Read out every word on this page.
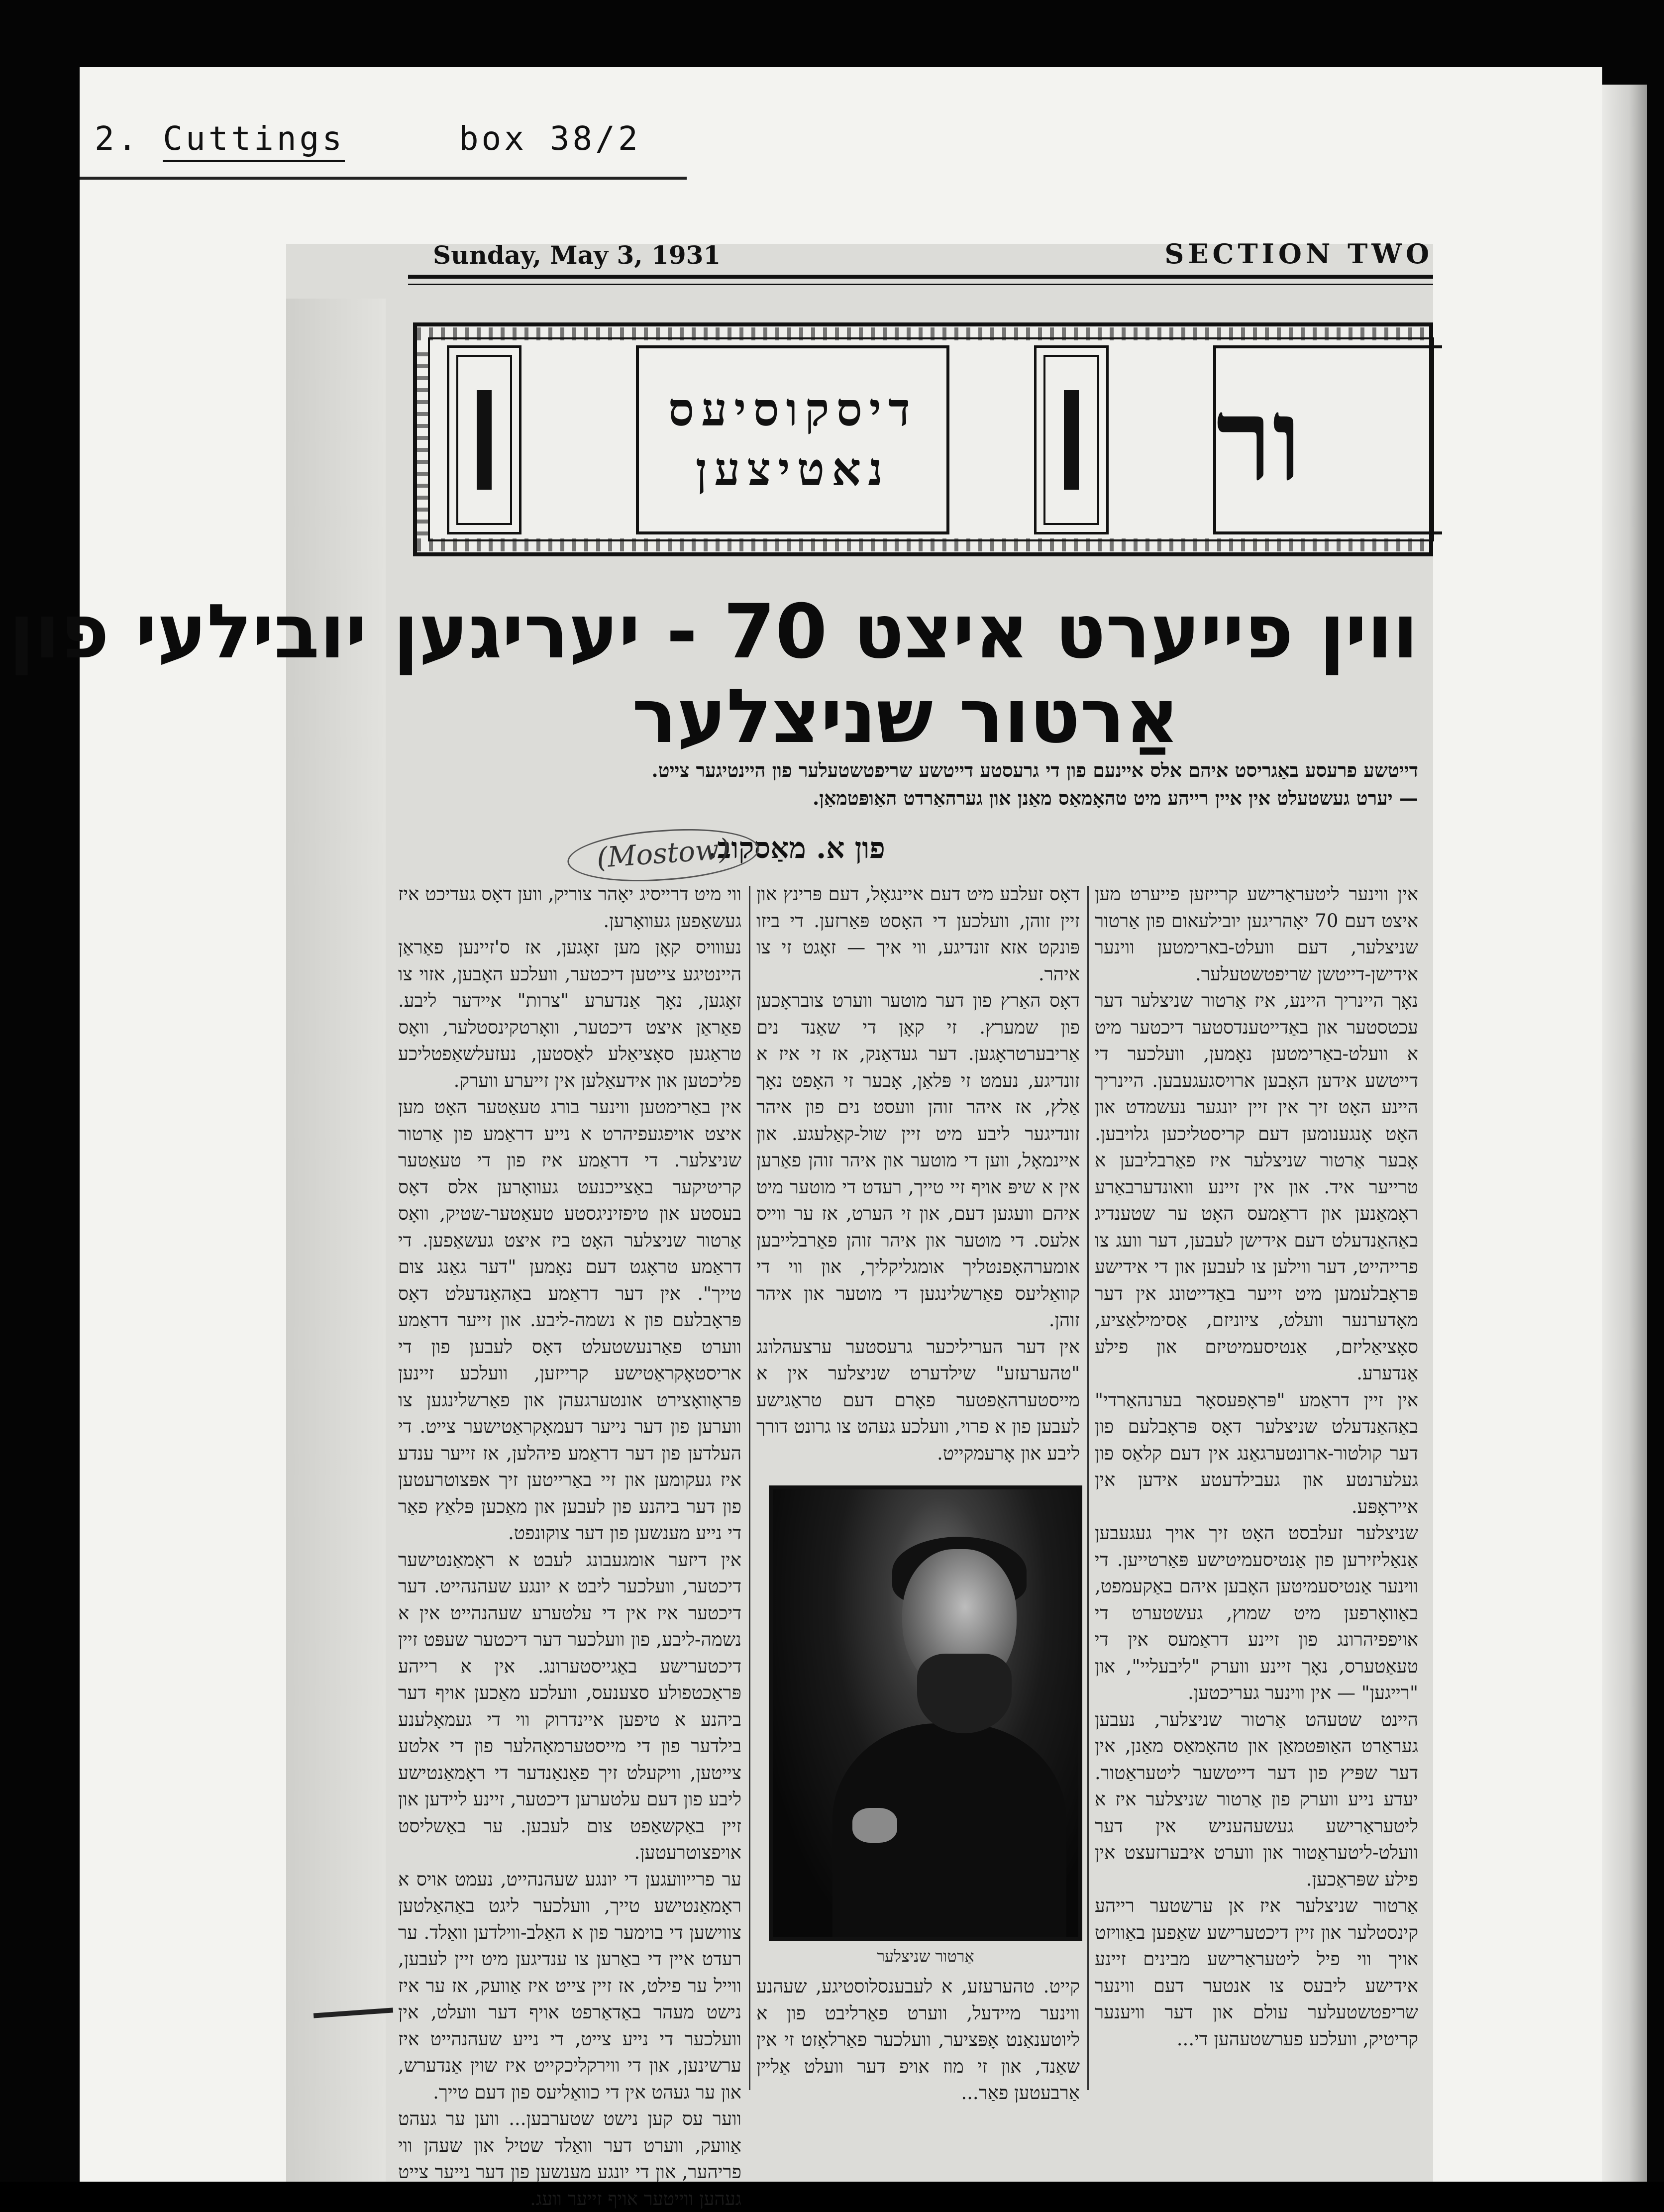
2. Cuttings	box 38/2
Sunday, May 3, 1931	SECTION TWO
דיסקוסיעס
נאטיצען	ור
ווין פייערט איצט 70 - יעריגען יובילעי פון
אַרטור שניצלער
דייטשע פרעסע באַגריסט איהם אלס איינעם פון די גרעסטע דייטשע שריפטשטעלער פון היינטיגער צייט.
— יערט געשטעלט אין איין רייהע מיט טהאָמאַס מאַנן און גערהאַרדט האַופּטמאַן.
פון א. מאַסקוב.
(Mostow)

אין ווינער ליטעראַרישע קרייזען פייערט מען איצט דעם 70 יאָהריגען יובילעאום פון אַרטור שניצלער, דעם וועלט-בארימטען ווינער אידישן-דייטשן שריפטשטעלער.

נאָך היינריך היינע, איז אַרטור שניצלער דער עכטסטער און באַדייטענדסטער דיכטער מיט א וועלט-באַרימטען נאָמען, וועלכער די דייטשע אידען האָבען ארויסגעגעבען. היינריך היינע האָט זיך אין זיין יונגער נעשמדט און האָט אָנגענומען דעם קריסטליכען גלויבען. אָבער אַרטור שניצלער איז פאַרבליבען א טרייער איד. און אין זיינע וואונדערבאַרע ראָמאַנען און דראַמעס האָט ער שטענדיג באַהאַנדעלט דעם אידישן לעבען, דער וועג צו פרייהייט, דער ווילען צו לעבען און די אידישע פּראָבלעמען מיט זייער באַדייטונג אין דער מאָדערנער וועלט, ציוניזם, אַסימילאַציע, סאָציאַליזם, אַנטיסעמיטיזם און פילע אַנדערע.

אין זיין דראַמע "פּראָפעסאָר בערנהאַרדי" באַהאַנדעלט שניצלער דאָס פּראָבלעם פון דער קולטור-ארונטערגאַנג אין דעם קלאַס פון געלערנטע און געבילדעטע אידען אין אייראָפּע.

שניצלער זעלבסט האָט זיך אויך געגעבען אַנאַליזירען פון אַנטיסעמיטישע פּאַרטייען. די ווינער אַנטיסעמיטען האָבען איהם באַקעמפט, באַוואָרפען מיט שמוץ, געשטערט די אויפפיהרונג פון זיינע דראַמעס אין די טעאַטערס, נאָך זיינע ווערק "ליבעליי", און "רייגען" — אין ווינער געריכטען.

היינט שטעהט אַרטור שניצלער, נעבען געראַרט האַופּטמאַן און טהאָמאַס מאַנן, אין דער שפּיץ פון דער דייטשער ליטעראַטור. יעדע נייע ווערק פון אַרטור שניצלער איז א ליטעראַרישע געשעהעניש אין דער וועלט-ליטעראַטור און ווערט איבערזעצט אין פילע שפּראַכען.

אַרטור שניצלער איז אן ערשטער רייהע קינסטלער און זיין דיכטערישע שאַפען באַוויזט אויך ווי פיל ליטעראַרישע מבינים זיינע אידישע ליבעס צו אנטער דעם ווינער שריפטשטעלער עולם און דער וויענער קריטיק, וועלכע פערשטעהען די...

דאָס זעלבע מיט דעם איינגאָל, דעם פּרינץ און זיין זוהן, וועלכען די האָסט פּאַרזען. די ביזו פּונקט אזא זונדיגע, ווי איך — זאָגט זי צו איהר.

דאָס האַרץ פון דער מוטער ווערט צובראָכען פון שמערץ. זי קאָן די שאַנד נים אַריבערטראָגען. דער געדאַנק, אז זי איז א זונדיגע, נעמט זי פּלאַן, אָבער זי האָפט נאָך אַלץ, אז איהר זוהן וועסט נים פון איהר זונדיגער ליבע מיט זיין שול-קאַלעגע. און איינמאָל, ווען די מוטער און איהר זוהן פאַרען אין א שיפּ אויף זיי טייך, רעדט די מוטער מיט איהם וועגען דעם, און זי הערט, אז ער ווייס אלעס. די מוטער און איהר זוהן פאַרבלייבען אומערהאָפנטליך אומגליקליך, און ווי די קוואַליעס פאַרשלינגען די מוטער און איהר זוהן.

אין דער העריליכער גרעסטער ערצעהלונג "טהערעזע" שילדערט שניצלער אין א מייסטערהאַפטער פאָרם דעם טראַגישע לעבען פון א פרוי, וועלכע געהט צו גרונט דורך ליבע און אָרעמקייט.

אַרטור שניצלער

קייט. טהערעזע, א לעבענסלוסטיגע, שעהנע ווינער מיידעל, ווערט פאַרליבט פון א ליוטענאַנט אָפּציער, וועלכער פאַרלאָזט זי אין שאַנד, און זי מוז אויפ דער וועלט אַליין אַרבעטען פאַר...

ווי מיט דרייסיג יאָהר צוריק, ווען דאָס געדיכט איז געשאַפען געוואָרען.

נעווויס קאָן מען זאָגען, אז ס'זיינען פאַראַן היינטיגע צייטען דיכטער, וועלכע האָבען, אזוי צו זאָגען, נאָך אַנדערע "צרות" איידער ליבע. פאַראַן איצט דיכטער, וואָרטקינסטלער, וואָס טראַגען סאָציאַלע לאַסטען, נעזעלשאַפטליכע פליכטען און אידעאַלען אין זייערע ווערק.

אין באַרימטען ווינער בורג טעאַטער האָט מען איצט אויפגעפיהרט א נייע דראַמע פון אַרטור שניצלער. די דראַמע איז פון די טעאַטער קריטיקער באַצייכנעט געוואָרען אלס דאָס בעסטע און טיפזיניגסטע טעאַטער-שטיק, וואָס אַרטור שניצלער האָט ביז איצט געשאַפען. די דראַמע טראָגט דעם נאָמען "דער גאַנג צום טייך". אין דער דראַמע באַהאַנדעלט דאָס פּראָבלעם פון א נשמה-ליבע. און זייער דראַמע ווערט פאַרנעשטעלט דאָס לעבען פון די אריסטאָקראַטישע קרייזען, וועלכע זיינען פּראָוואָצירט אונטערגעהן און פאַרשלינגען צו ווערען פון דער נייער דעמאָקראַטישער צייט. די העלדען פון דער דראַמע פיהלען, אז זייער ענדע איז געקומען און זיי באַרייטען זיך אפּצוטרעטען פון דער ביהנע פון לעבען און מאַכען פּלאַץ פאַר די נייע מענשען פון דער צוקונפט.

אין דיזער אומגעבונג לעבט א ראָמאַנטישער דיכטער, וועלכער ליבט א יונגע שעהנהייט. דער דיכטער איז אין די עלטערע שעהנהייט אין א נשמה-ליבע, פון וועלכער דער דיכטער שעפּט זיין דיכטערישע באַגייסטערונג. אין א רייהע פּראַכטפולע סצענעס, וועלכע מאַכען אויף דער ביהנע א טיפען איינדרוק ווי די געמאָלענע בילדער פון די מייסטערמאָהלער פון די אלטע צייטען, וויקעלט זיך פאַנאַנדער די ראָמאַנטישע ליבע פון דעם עלטערען דיכטער, זיינע ליידען און זיין באַקשאַפט צום לעבען. ער באַשליסט אויפצוטרעטען.

ער פרייוועגען די יונגע שעהנהייט, נעמט אויס א ראָמאַנטישע טייך, וועלכער ליגט באַהאַלטען צווישען די בוימער פון א האַלב-ווילדען וואַלד. ער רעדט איין די באַרען צו ענדיגען מיט זיין לעבען, ווייל ער פילט, אז זיין צייט איז אַוועק, אז ער איז נישט מעהר באַדאַרפט אויף דער וועלט, אין וועלכער די נייע צייט, די נייע שעהנהייט איז ערשינען, און די ווירקליכקייט איז שוין אַנדערש, און ער געהט אין די כוואַליעס פון דעם טייך.

ווער עס קען נישט שטערבען... ווען ער געהט אַוועק, ווערט דער וואַלד שטיל און שעהן ווי פריהער, און די יונגע מענשען פון דער נייער צייט געהען ווייטער אויף זייער וועג.
